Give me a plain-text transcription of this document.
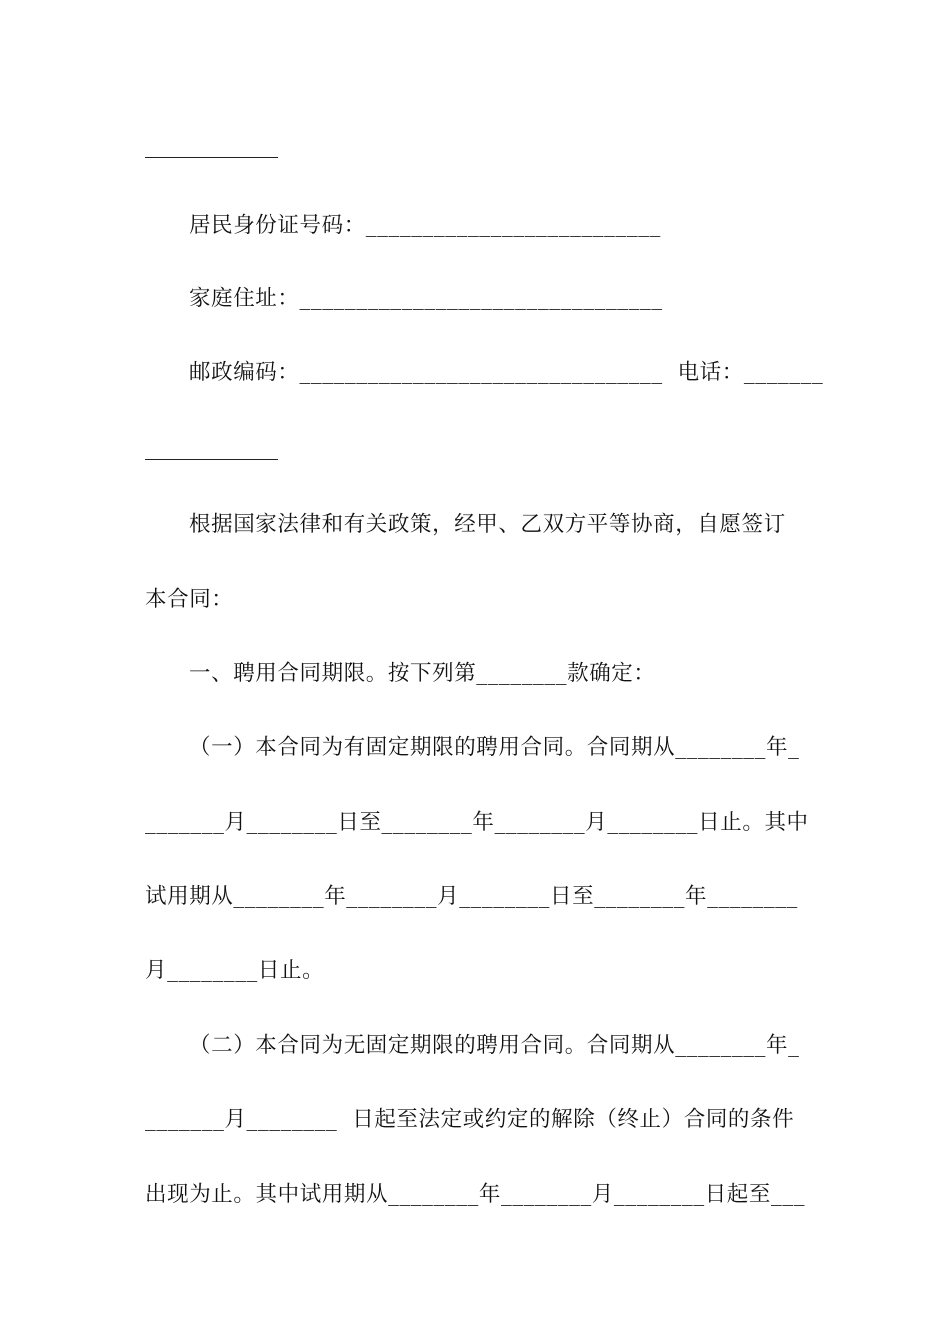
居民身份证号码：__________________________
家庭住址：________________________________
邮政编码：________________________________  电话：_______
根据国家法律和有关政策，经甲、乙双方平等协商，自愿签订
本合同：
一、聘用合同期限。按下列第________款确定：
（一）本合同为有固定期限的聘用合同。合同期从________年_
_______月________日至________年________月________日止。其中
试用期从________年________月________日至________年________
月________日止。
（二）本合同为无固定期限的聘用合同。合同期从________年_
_______月________  日起至法定或约定的解除（终止）合同的条件
出现为止。其中试用期从________年________月________日起至___
